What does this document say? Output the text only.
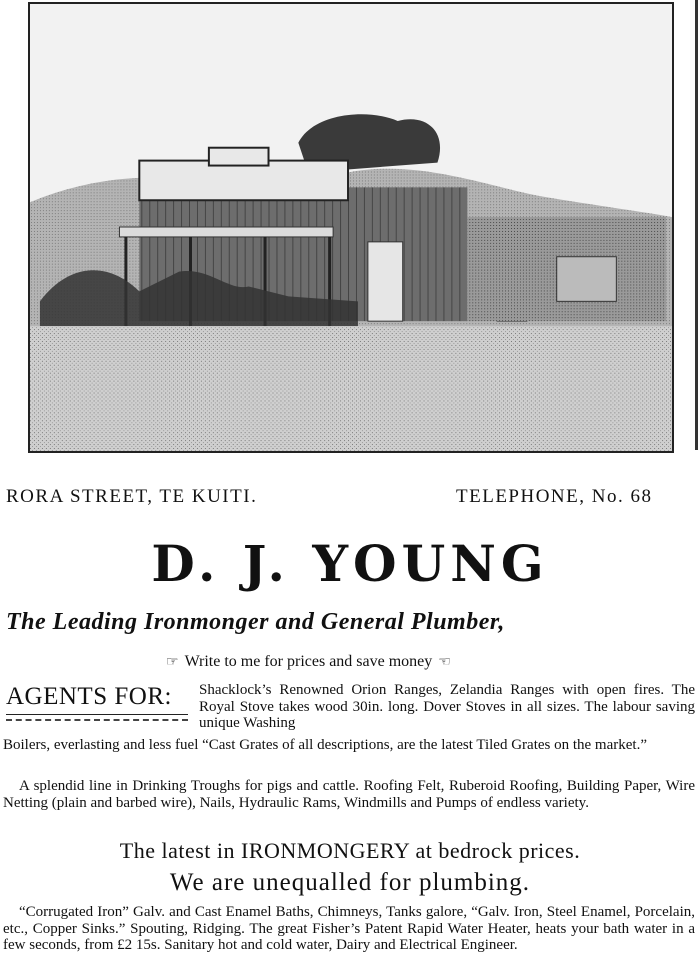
RORA STREET, TE KUITI.	TELEPHONE, No. 68
D. J. YOUNG
The Leading Ironmonger and General Plumber,
☞ Write to me for prices and save money ☜
AGENTS FOR: Shacklock’s Renowned Orion Ranges, Zelandia Ranges with open fires. The Royal Stove takes wood 30in. long. Dover Stoves in all sizes. The labour saving unique Washing
Boilers, everlasting and less fuel “Cast Grates of all descriptions, are the latest Tiled Grates on the market.”
A splendid line in Drinking Troughs for pigs and cattle. Roofing Felt, Ruberoid Roofing, Building Paper, Wire Netting (plain and barbed wire), Nails, Hydraulic Rams, Windmills and Pumps of endless variety.
The latest in IRONMONGERY at bedrock prices.
We are unequalled for plumbing.
“Corrugated Iron” Galv. and Cast Enamel Baths, Chimneys, Tanks galore, “Galv. Iron, Steel Enamel, Porcelain, etc., Copper Sinks.” Spouting, Ridging. The great Fisher’s Patent Rapid Water Heater, heats your bath water in a few seconds, from £2 15s. Sanitary hot and cold water, Dairy and Electrical Engineer.
